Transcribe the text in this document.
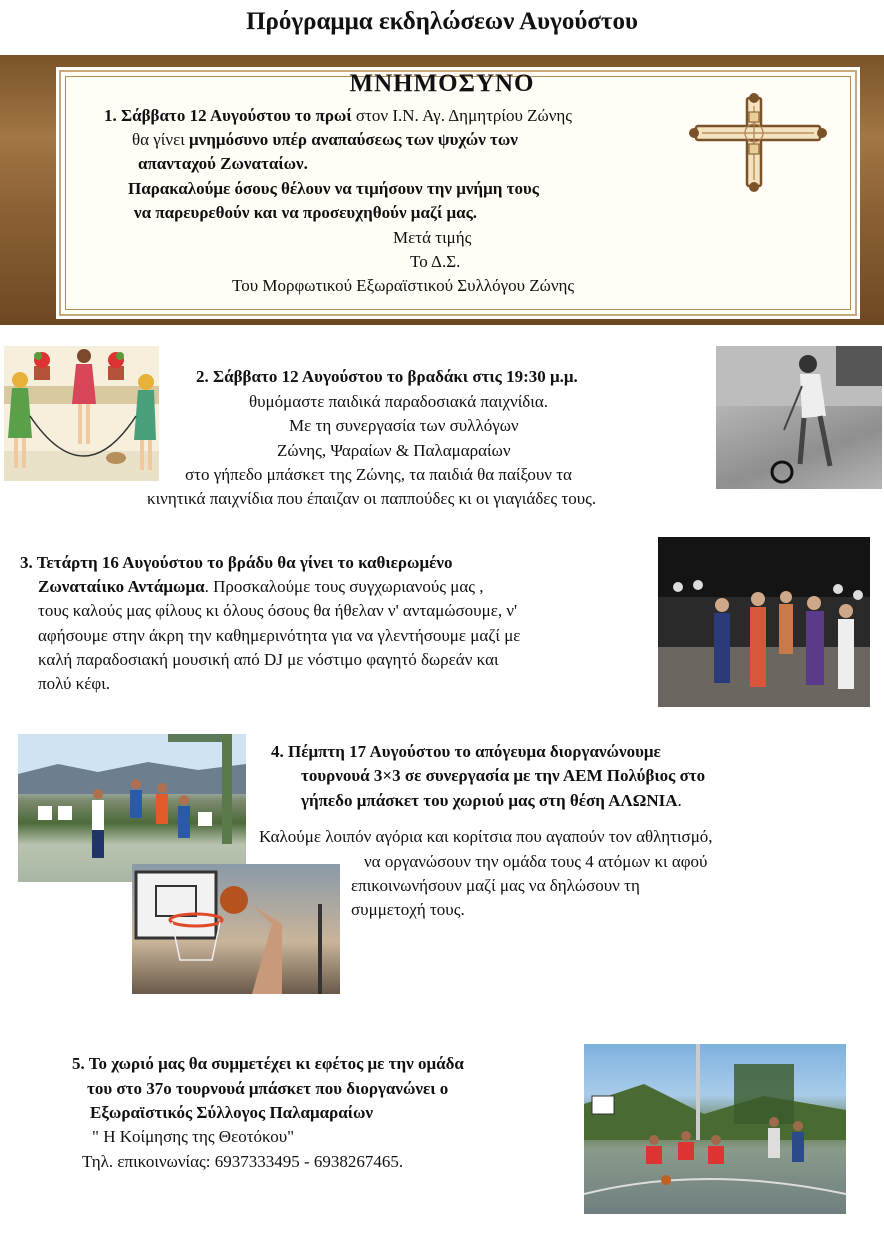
Πρόγραμμα εκδηλώσεων Αυγούστου
ΜΝΗΜΟΣΥΝΟ
1. Σάββατο 12 Αυγούστου το πρωί στον Ι.Ν. Αγ. Δημητρίου Ζώνης
θα γίνει μνημόσυνο υπέρ αναπαύσεως των ψυχών των
απανταχού Ζωναταίων.
Παρακαλούμε όσους θέλουν να τιμήσουν την μνήμη τους
να παρευρεθούν και να προσευχηθούν μαζί μας.
Μετά τιμής
Το Δ.Σ.
Του Μορφωτικού Εξωραϊστικού Συλλόγου Ζώνης
2. Σάββατο 12 Αυγούστου το βραδάκι στις 19:30 μ.μ.
θυμόμαστε παιδικά παραδοσιακά παιχνίδια.
Με τη συνεργασία των συλλόγων
Ζώνης, Ψαραίων & Παλαμαραίων
στο γήπεδο μπάσκετ της Ζώνης, τα παιδιά θα παίξουν τα
κινητικά παιχνίδια που έπαιζαν οι παππούδες κι οι γιαγιάδες τους.
3. Τετάρτη 16 Αυγούστου το βράδυ θα γίνει το καθιερωμένο
Ζωναταίικο Αντάμωμα. Προσκαλούμε τους συγχωριανούς μας ,
τους καλούς μας φίλους κι όλους όσους θα ήθελαν ν' ανταμώσουμε, ν'
αφήσουμε στην άκρη την καθημερινότητα για να γλεντήσουμε μαζί με
καλή παραδοσιακή μουσική από DJ με νόστιμο φαγητό δωρεάν και
πολύ κέφι.
4. Πέμπτη 17 Αυγούστου το απόγευμα διοργανώνουμε
τουρνουά 3×3 σε συνεργασία με την ΑΕΜ Πολύβιος στο
γήπεδο μπάσκετ του χωριού μας στη θέση ΑΛΩΝΙΑ.
Καλούμε λοιπόν αγόρια και κορίτσια που αγαπούν τον αθλητισμό,
να οργανώσουν την ομάδα τους 4 ατόμων κι αφού
επικοινωνήσουν μαζί μας να δηλώσουν τη
συμμετοχή τους.
5. Το χωριό μας θα συμμετέχει κι εφέτος με την ομάδα
του στο 37ο τουρνουά μπάσκετ που διοργανώνει ο
Εξωραϊστικός Σύλλογος Παλαμαραίων
" Η Κοίμησης της Θεοτόκου"
Τηλ. επικοινωνίας: 6937333495 - 6938267465.
